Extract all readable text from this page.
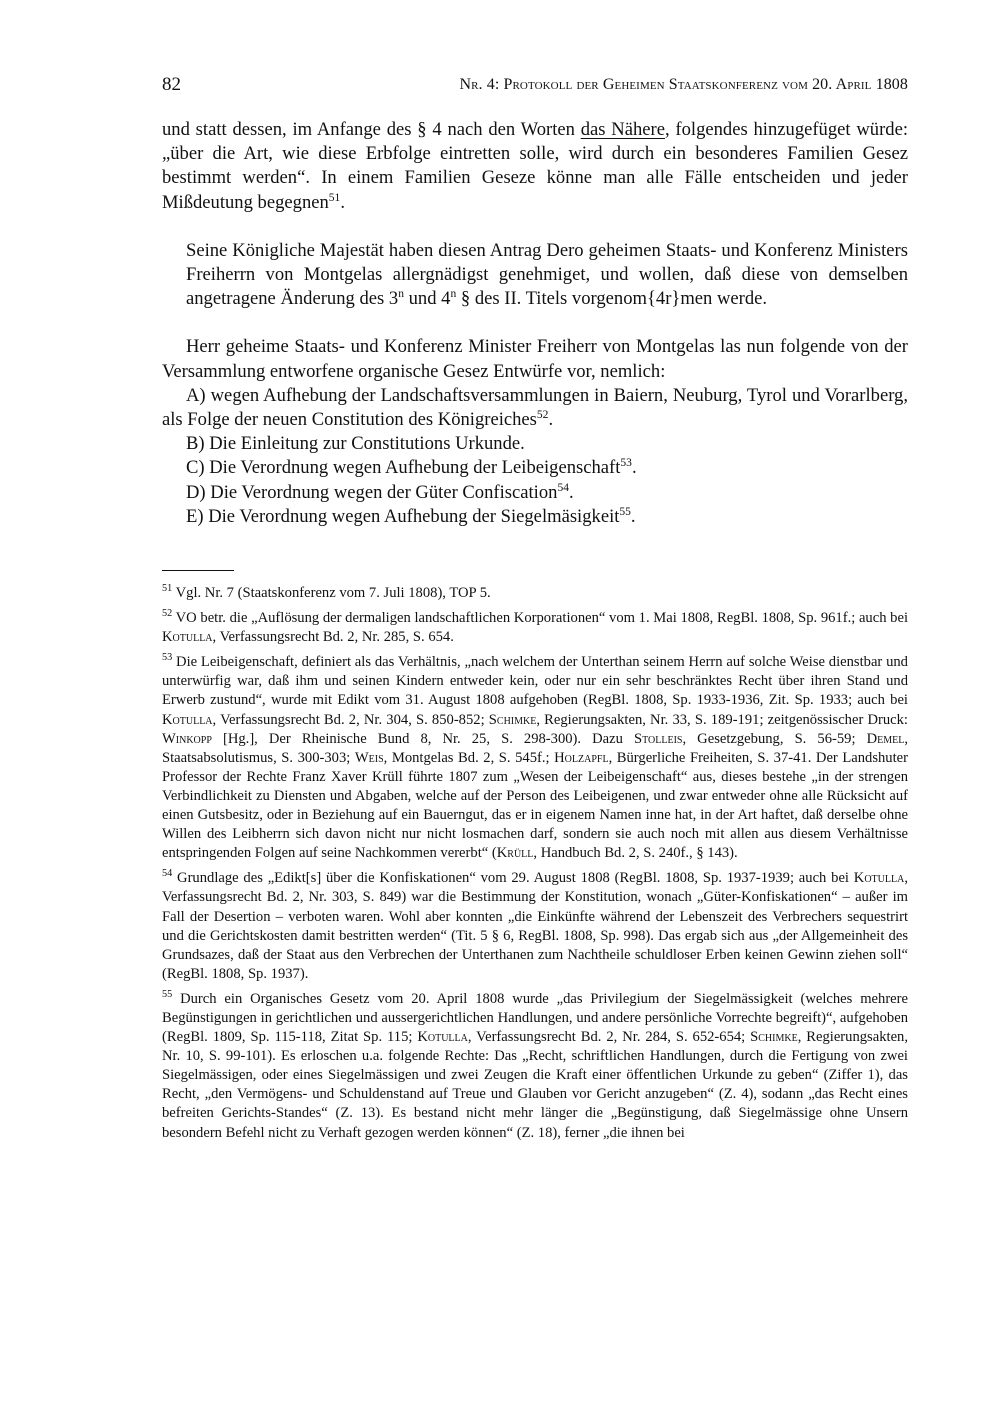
82	Nr. 4: Protokoll der Geheimen Staatskonferenz vom 20. April 1808

und statt dessen, im Anfange des § 4 nach den Worten das Nähere, folgendes hinzugefüget würde: „über die Art, wie diese Erbfolge eintretten solle, wird durch ein besonderes Familien Gesez bestimmt werden“. In einem Familien Geseze könne man alle Fälle entscheiden und jeder Mißdeutung begegnen$^{51}$.

Seine Königliche Majestät haben diesen Antrag Dero geheimen Staats- und Konferenz Ministers Freiherrn von Montgelas allergnädigst genehmiget, und wollen, daß diese von demselben angetragene Änderung des 3$^n$ und 4$^n$ § des II. Titels vorgenom{4r}men werde.

Herr geheime Staats- und Konferenz Minister Freiherr von Montgelas las nun folgende von der Versammlung entworfene organische Gesez Entwürfe vor, nemlich:

A) wegen Aufhebung der Landschaftsversammlungen in Baiern, Neuburg, Tyrol und Vorarlberg, als Folge der neuen Constitution des Königreiches$^{52}$.

B) Die Einleitung zur Constitutions Urkunde.

C) Die Verordnung wegen Aufhebung der Leibeigenschaft$^{53}$.

D) Die Verordnung wegen der Güter Confiscation$^{54}$.

E) Die Verordnung wegen Aufhebung der Siegelmäsigkeit$^{55}$.

$^{51}$ Vgl. Nr. 7 (Staatskonferenz vom 7. Juli 1808), TOP 5.

$^{52}$ VO betr. die „Auflösung der dermaligen landschaftlichen Korporationen“ vom 1. Mai 1808, RegBl. 1808, Sp. 961f.; auch bei Kotulla, Verfassungsrecht Bd. 2, Nr. 285, S. 654.

$^{53}$ Die Leibeigenschaft, definiert als das Verhältnis, „nach welchem der Unterthan seinem Herrn auf solche Weise dienstbar und unterwürfig war, daß ihm und seinen Kindern entweder kein, oder nur ein sehr beschränktes Recht über ihren Stand und Erwerb zustund“, wurde mit Edikt vom 31. August 1808 aufgehoben (RegBl. 1808, Sp. 1933-1936, Zit. Sp. 1933; auch bei Kotulla, Verfassungsrecht Bd. 2, Nr. 304, S. 850-852; Schimke, Regierungsakten, Nr. 33, S. 189-191; zeitgenössischer Druck: Winkopp [Hg.], Der Rheinische Bund 8, Nr. 25, S. 298-300). Dazu Stolleis, Gesetzgebung, S. 56-59; Demel, Staatsabsolutismus, S. 300-303; Weis, Montgelas Bd. 2, S. 545f.; Holzapfl, Bürgerliche Freiheiten, S. 37-41. Der Landshuter Professor der Rechte Franz Xaver Krüll führte 1807 zum „Wesen der Leibeigenschaft“ aus, dieses bestehe „in der strengen Verbindlichkeit zu Diensten und Abgaben, welche auf der Person des Leibeigenen, und zwar entweder ohne alle Rücksicht auf einen Gutsbesitz, oder in Beziehung auf ein Bauerngut, das er in eigenem Namen inne hat, in der Art haftet, daß derselbe ohne Willen des Leibherrn sich davon nicht nur nicht losmachen darf, sondern sie auch noch mit allen aus diesem Verhältnisse entspringenden Folgen auf seine Nachkommen vererbt“ (Krüll, Handbuch Bd. 2, S. 240f., § 143).

$^{54}$ Grundlage des „Edikt[s] über die Konfiskationen“ vom 29. August 1808 (RegBl. 1808, Sp. 1937-1939; auch bei Kotulla, Verfassungsrecht Bd. 2, Nr. 303, S. 849) war die Bestimmung der Konstitution, wonach „Güter-Konfiskationen“ – außer im Fall der Desertion – verboten waren. Wohl aber konnten „die Einkünfte während der Lebenszeit des Verbrechers sequestrirt und die Gerichtskosten damit bestritten werden“ (Tit. 5 § 6, RegBl. 1808, Sp. 998). Das ergab sich aus „der Allgemeinheit des Grundsazes, daß der Staat aus den Verbrechen der Unterthanen zum Nachtheile schuldloser Erben keinen Gewinn ziehen soll“ (RegBl. 1808, Sp. 1937).

$^{55}$ Durch ein Organisches Gesetz vom 20. April 1808 wurde „das Privilegium der Siegelmässigkeit (welches mehrere Begünstigungen in gerichtlichen und aussergerichtlichen Handlungen, und andere persönliche Vorrechte begreift)“, aufgehoben (RegBl. 1809, Sp. 115-118, Zitat Sp. 115; Kotulla, Verfassungsrecht Bd. 2, Nr. 284, S. 652-654; Schimke, Regierungsakten, Nr. 10, S. 99-101). Es erloschen u.a. folgende Rechte: Das „Recht, schriftlichen Handlungen, durch die Fertigung von zwei Siegelmässigen, oder eines Siegelmässigen und zwei Zeugen die Kraft einer öffentlichen Urkunde zu geben“ (Ziffer 1), das Recht, „den Vermögens- und Schuldenstand auf Treue und Glauben vor Gericht anzugeben“ (Z. 4), sodann „das Recht eines befreiten Gerichts-Standes“ (Z. 13). Es bestand nicht mehr länger die „Begünstigung, daß Siegelmässige ohne Unsern besondern Befehl nicht zu Verhaft gezogen werden können“ (Z. 18), ferner „die ihnen bei
